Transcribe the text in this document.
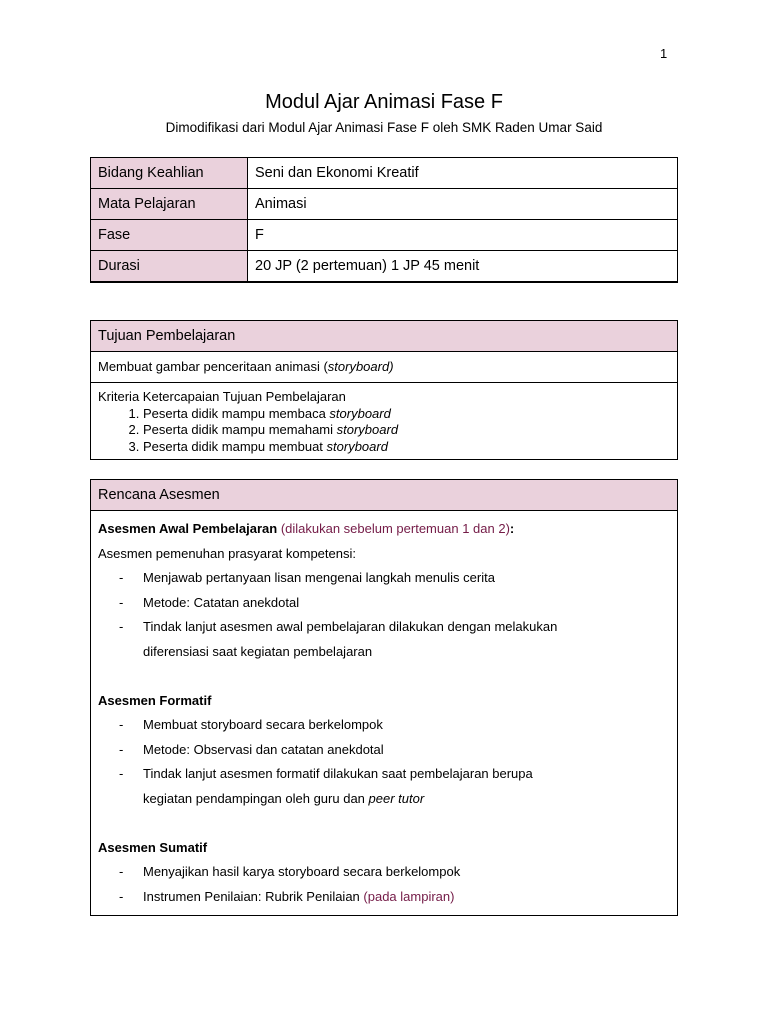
1
Modul Ajar Animasi Fase F
Dimodifikasi dari Modul Ajar Animasi Fase F oleh SMK Raden Umar Said
Bidang Keahlian	Seni dan Ekonomi Kreatif
Mata Pelajaran	Animasi
Fase	F
Durasi	20 JP (2 pertemuan) 1 JP 45 menit
Tujuan Pembelajaran
Membuat gambar penceritaan animasi (storyboard)
Kriteria Ketercapaian Tujuan Pembelajaran
1. Peserta didik mampu membaca storyboard
2. Peserta didik mampu memahami storyboard
3. Peserta didik mampu membuat storyboard
Rencana Asesmen
Asesmen Awal Pembelajaran (dilakukan sebelum pertemuan 1 dan 2):
Asesmen pemenuhan prasyarat kompetensi:
- Menjawab pertanyaan lisan mengenai langkah menulis cerita
- Metode: Catatan anekdotal
- Tindak lanjut asesmen awal pembelajaran dilakukan dengan melakukan
diferensiasi saat kegiatan pembelajaran
Asesmen Formatif
- Membuat storyboard secara berkelompok
- Metode: Observasi dan catatan anekdotal
- Tindak lanjut asesmen formatif dilakukan saat pembelajaran berupa
kegiatan pendampingan oleh guru dan peer tutor
Asesmen Sumatif
- Menyajikan hasil karya storyboard secara berkelompok
- Instrumen Penilaian: Rubrik Penilaian (pada lampiran)
